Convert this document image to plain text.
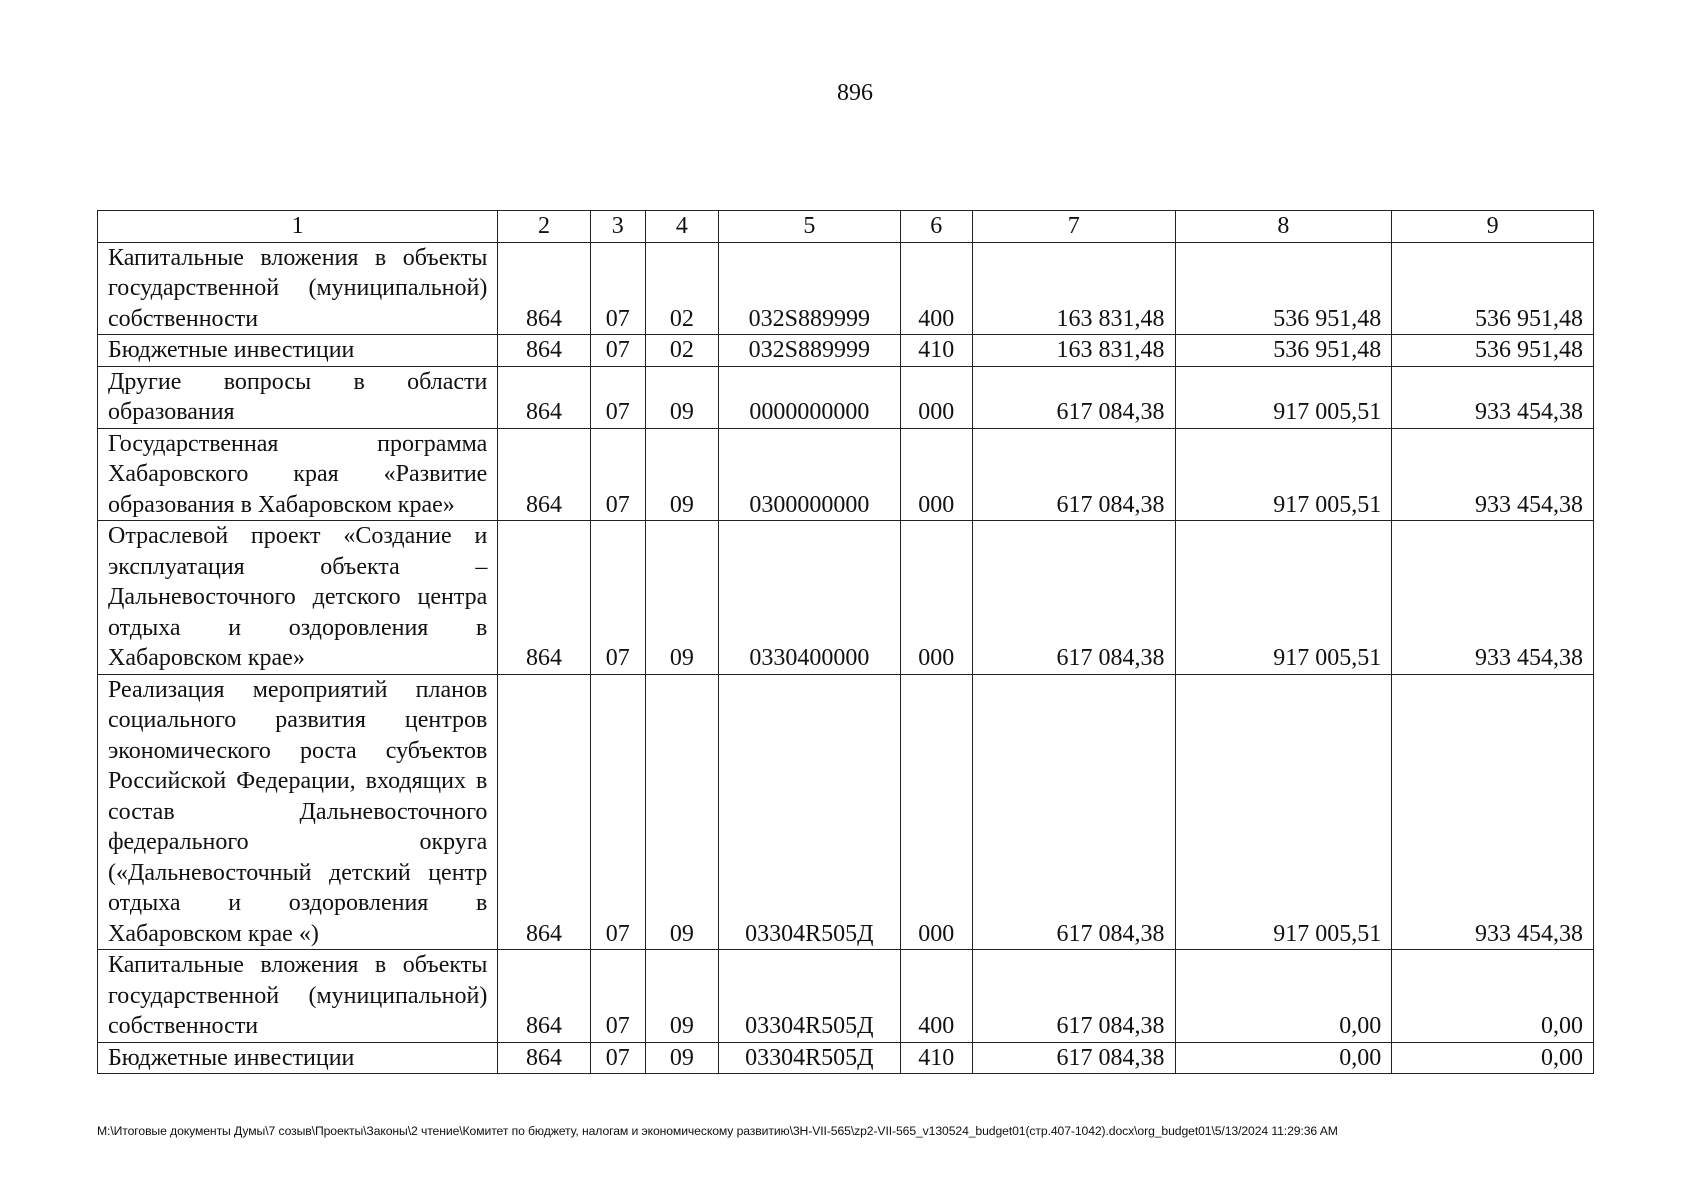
896
1	2	3	4	5	6	7	8	9
Капитальные вложения в объекты государственной (муниципальной) собственности	864	07	02	032S889999	400	163 831,48	536 951,48	536 951,48
Бюджетные инвестиции	864	07	02	032S889999	410	163 831,48	536 951,48	536 951,48
Другие вопросы в области образования	864	07	09	0000000000	000	617 084,38	917 005,51	933 454,38
Государственная программа Хабаровского края «Развитие образования в Хабаровском крае»	864	07	09	0300000000	000	617 084,38	917 005,51	933 454,38
Отраслевой проект «Создание и эксплуатация объекта – Дальневосточного детского центра отдыха и оздоровления в Хабаровском крае»	864	07	09	0330400000	000	617 084,38	917 005,51	933 454,38
Реализация мероприятий планов социального развития центров экономического роста субъектов Российской Федерации, входящих в состав Дальневосточного федерального округа («Дальневосточный детский центр отдыха и оздоровления в Хабаровском крае «)	864	07	09	03304R505Д	000	617 084,38	917 005,51	933 454,38
Капитальные вложения в объекты государственной (муниципальной) собственности	864	07	09	03304R505Д	400	617 084,38	0,00	0,00
Бюджетные инвестиции	864	07	09	03304R505Д	410	617 084,38	0,00	0,00
M:\Итоговые документы Думы\7 созыв\Проекты\Законы\2 чтение\Комитет по бюджету, налогам и экономическому развитию\3Н-VII-565\zp2-VII-565_v130524_budget01(стр.407-1042).docx\org_budget01\5/13/2024 11:29:36 AM
